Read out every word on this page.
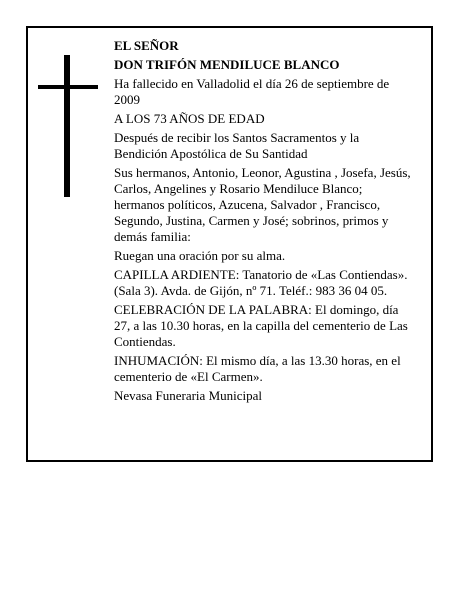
EL SEÑOR

DON TRIFÓN MENDILUCE BLANCO

Ha fallecido en Valladolid el día 26 de septiembre de 2009

A LOS 73 AÑOS DE EDAD

Después de recibir los Santos Sacramentos y la Bendición Apostólica de Su Santidad

Sus hermanos, Antonio, Leonor, Agustina , Josefa, Jesús, Carlos, Angelines y Rosario Mendiluce Blanco; hermanos políticos, Azucena, Salvador , Francisco, Segundo, Justina, Carmen y José; sobrinos, primos y demás familia:

Ruegan una oración por su alma.

CAPILLA ARDIENTE: Tanatorio de «Las Contiendas».(Sala 3). Avda. de Gijón, nº 71. Teléf.: 983 36 04 05.

CELEBRACIÓN DE LA PALABRA: El domingo, día 27, a las 10.30 horas, en la capilla del cementerio de Las Contiendas.

INHUMACIÓN: El mismo día, a las 13.30 horas, en el cementerio de «El Carmen».

Nevasa Funeraria Municipal
